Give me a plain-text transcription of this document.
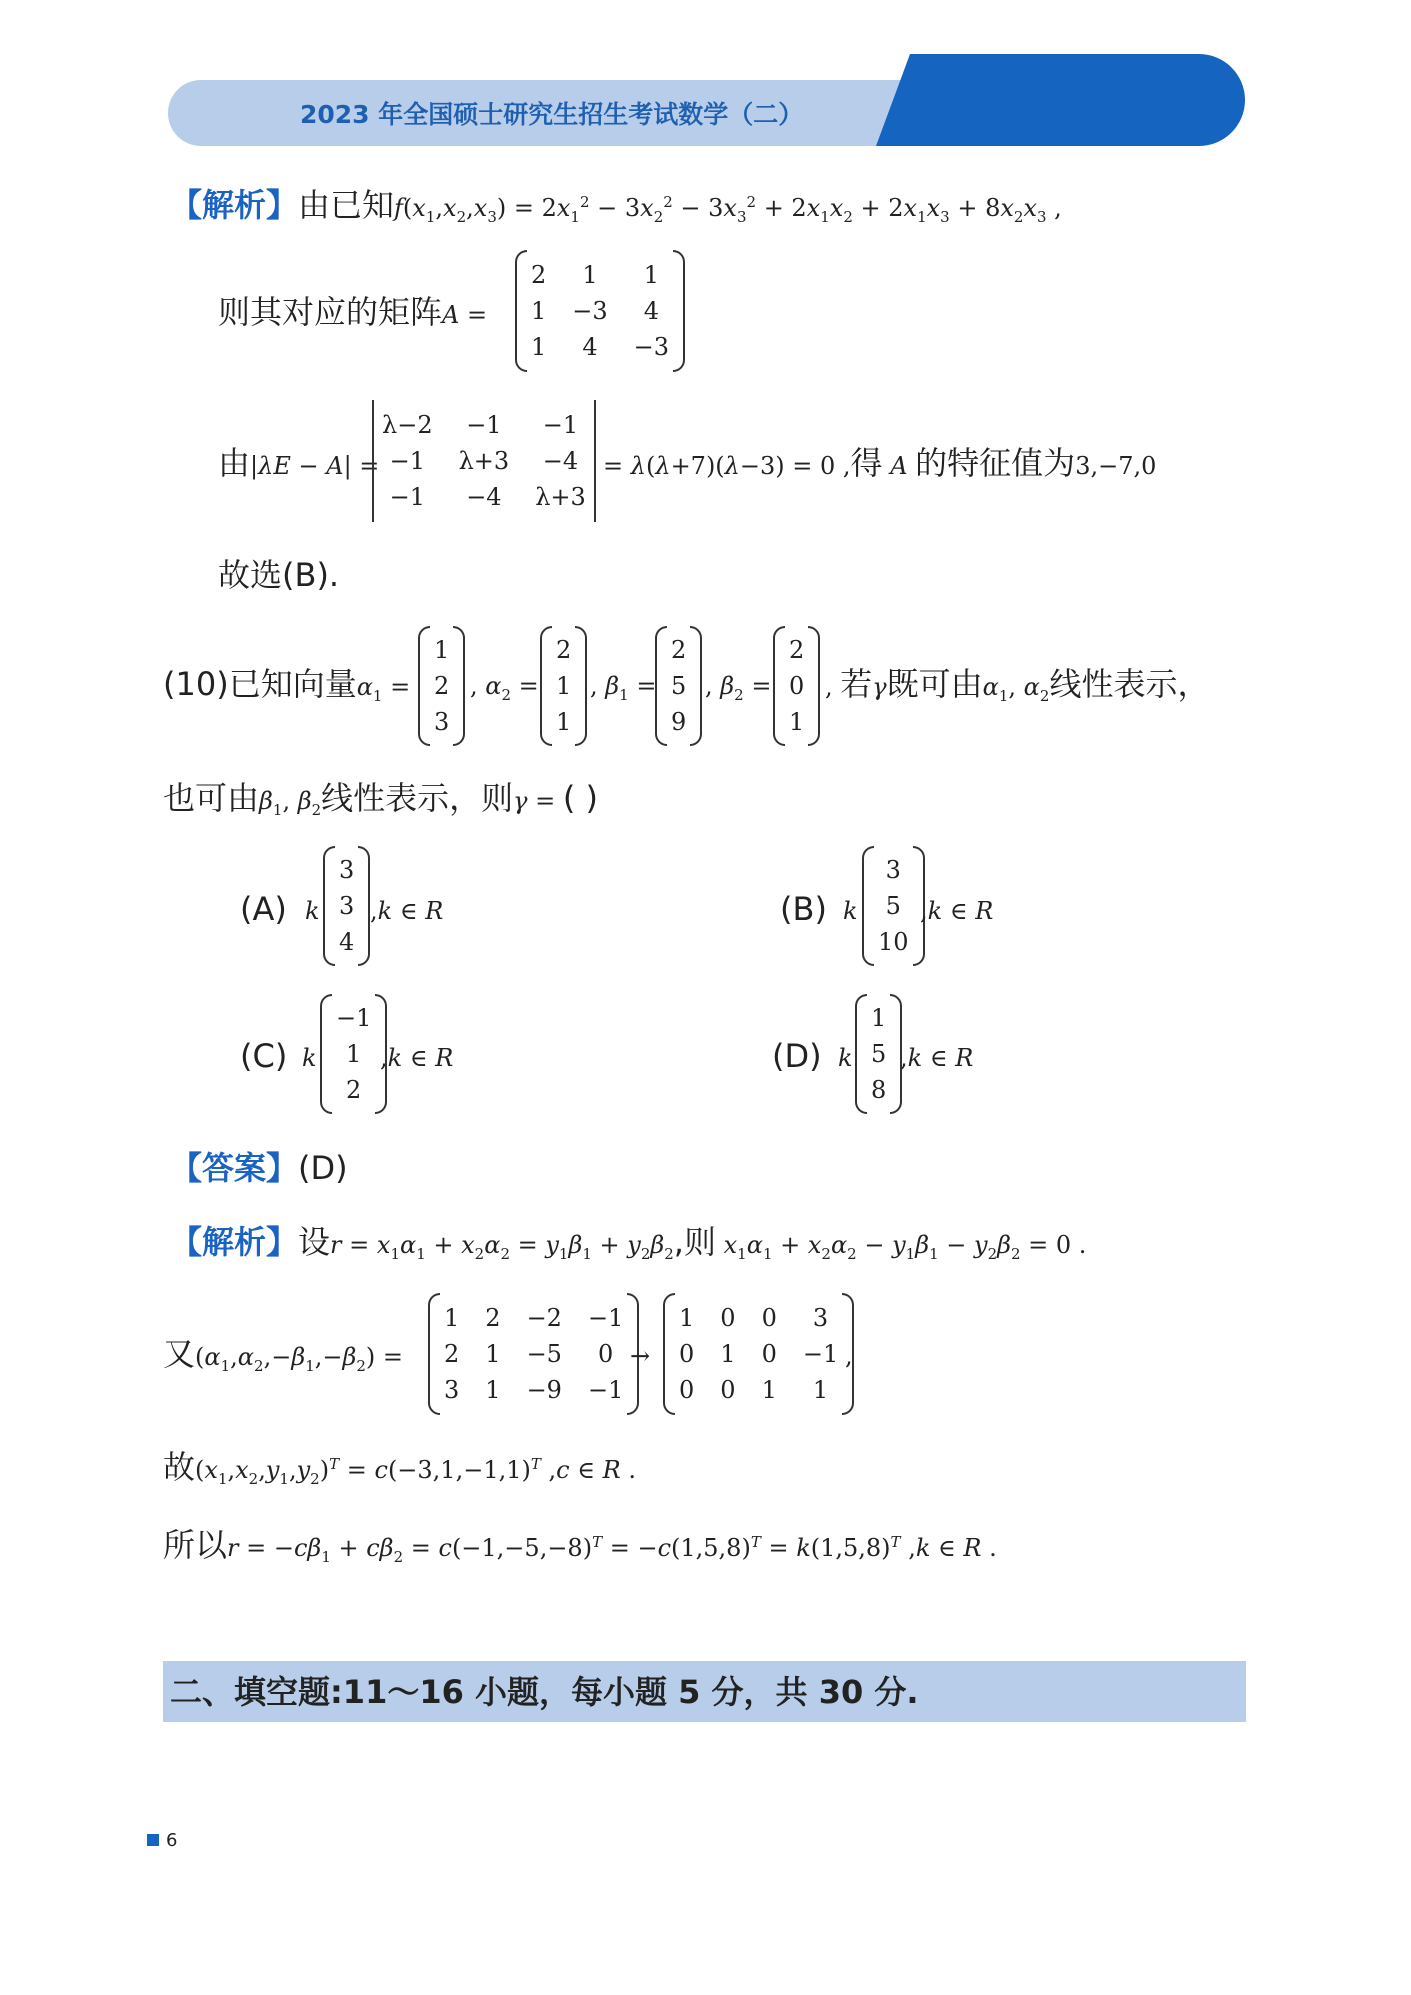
2023 年全国硕士研究生招生考试数学（二）
【解析】由已知$f(x_1,x_2,x_3) = 2x_1^2 - 3x_2^2 - 3x_3^2 + 2x_1x_2 + 2x_1x_3 + 8x_2x_3$ ,
则其对应的矩阵A =
2	1	1
1 −3	4
1	4	−3
由|λE − A| =
λ−2	−1	−1
−1	λ+3	−4
−1	−4	λ+3
= λ(λ+7)(λ−3) = 0 ,得 A 的特征值为3,−7,0
故选(B).
(10)已知向量$\alpha_1$ =
1
2
3
, $\alpha_2$ =
2
1
1
, $\beta_1$ =
2
5
9
, $\beta_2$ =
2
0
1
, 若γ既可由$\alpha_1$, $\alpha_2$线性表示，
也可由$\beta_1$, $\beta_2$线性表示，则γ = ( )
(A) k
3
3
4
,k ∈ R	(B) k
3
5
10
,k ∈ R
(C) k
−1
1
2
,k ∈ R	(D) k
1
5
8
,k ∈ R
【答案】(D)
【解析】设$r = x_1\alpha_1 + x_2\alpha_2 = y_1\beta_1 + y_2\beta_2$,则 $x_1\alpha_1 + x_2\alpha_2 - y_1\beta_1 - y_2\beta_2 = 0$ .
又$(\alpha_1,\alpha_2,-\beta_1,-\beta_2)$ =
1 2 −2 −1
2 1 −5	0
3 1 −9 −1
→
1 0 0	3
0 1 0 −1
0 0 1	1
,
故$(x_1,x_2,y_1,y_2)^T = c(-3,1,-1,1)^T$ ,c ∈ R .
所以$r = -c\beta_1 + c\beta_2 = c(-1,-5,-8)^T = -c(1,5,8)^T = k(1,5,8)^T$ ,k ∈ R .
二、填空题:11～16 小题，每小题 5 分，共 30 分.
6
